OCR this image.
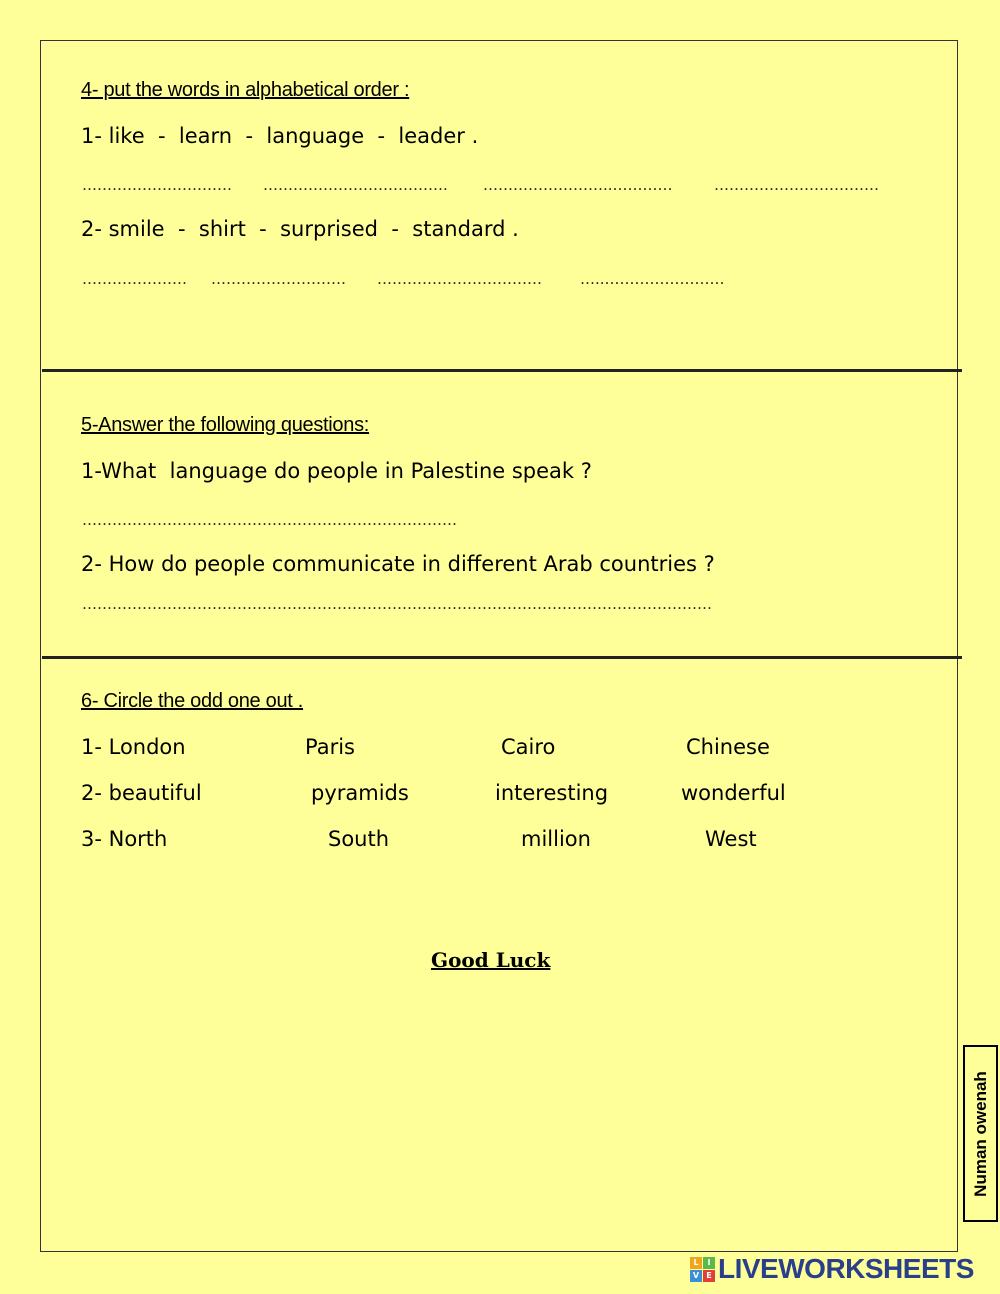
4- put the words in alphabetical order :
1- like  -  learn  -  language  -  leader .
………………………… ………………………………. ……………………..…………	……………………………
2- smile  -  shirt  -  surprised  -  standard .
………………… ……………………… ……………………………	…..……………………
5-Answer the following questions:
1-What  language do people in Palestine speak ?
…………………………………………………………………
2- How do people communicate in different Arab countries ?
………………………………………………………………………………………………………………
6- Circle the odd one out .
1- London	Paris	Cairo	Chinese
2- beautiful	pyramids	interesting	wonderful
3- North	South	million	West
Good Luck
Numan owenah
L	I
V E LIVEWORKSHEETS
